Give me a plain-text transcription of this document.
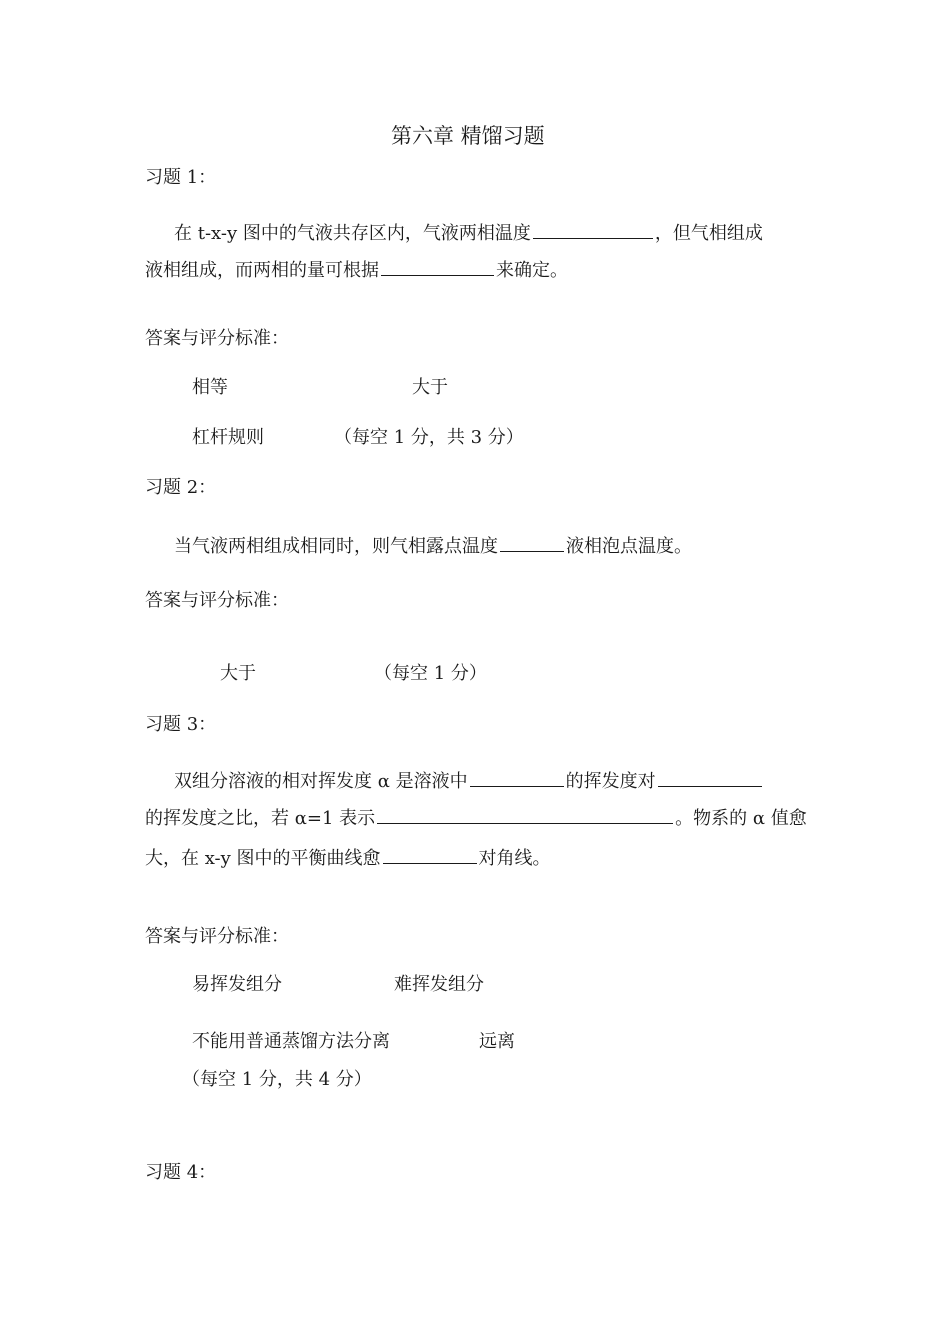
第六章 精馏习题
习题 1：
在 t-x-y 图中的气液共存区内，气液两相温度	，但气相组成
液相组成，而两相的量可根据	来确定。
答案与评分标准：
相等	大于
杠杆规则	（每空 1 分，共 3 分）
习题 2：
当气液两相组成相同时，则气相露点温度	液相泡点温度。
答案与评分标准：
大于	（每空 1 分）
习题 3：
双组分溶液的相对挥发度 α 是溶液中	的挥发度对
的挥发度之比，若 α=1 表示	。物系的 α 值愈
大，在 x-y 图中的平衡曲线愈	对角线。
答案与评分标准：
易挥发组分	难挥发组分
不能用普通蒸馏方法分离	远离
（每空 1 分，共 4 分）
习题 4：
